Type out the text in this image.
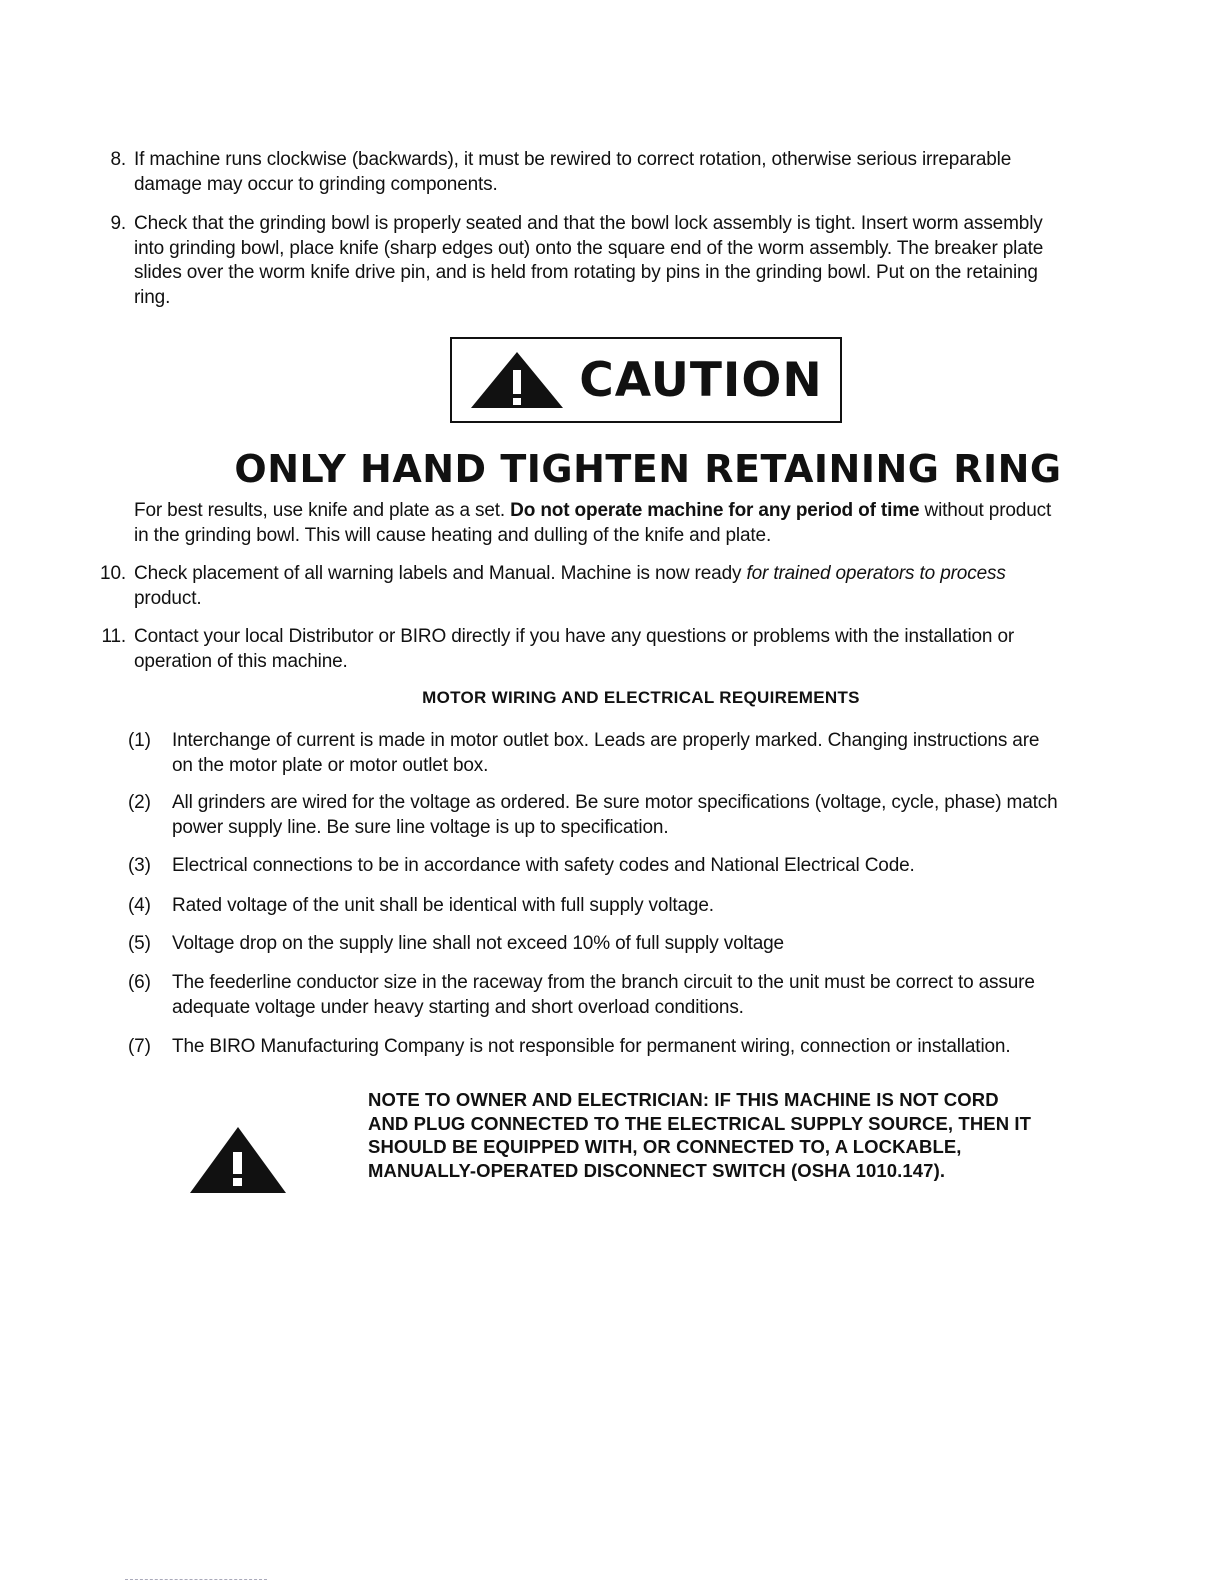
8. If machine runs clockwise (backwards), it must be rewired to correct rotation, otherwise serious irreparable

damage may occur to grinding components.

9. Check that the grinding bowl is properly seated and that the bowl lock assembly is tight. Insert worm assembly

into grinding bowl, place knife (sharp edges out) onto the square end of the worm assembly. The breaker plate

slides over the worm knife drive pin, and is held from rotating by pins in the grinding bowl. Put on the retaining

ring.

CAUTION
ONLY HAND TIGHTEN RETAINING RING

For best results, use knife and plate as a set. Do not operate machine for any period of time without product

in the grinding bowl. This will cause heating and dulling of the knife and plate.

10. Check placement of all warning labels and Manual. Machine is now ready for trained operators to process

product.

11. Contact your local Distributor or BIRO directly if you have any questions or problems with the installation or

operation of this machine.

MOTOR WIRING AND ELECTRICAL REQUIREMENTS
(1) Interchange of current is made in motor outlet box. Leads are properly marked. Changing instructions are

on the motor plate or motor outlet box.

(2) All grinders are wired for the voltage as ordered. Be sure motor specifications (voltage, cycle, phase) match

power supply line. Be sure line voltage is up to specification.

(3) Electrical connections to be in accordance with safety codes and National Electrical Code.

(4) Rated voltage of the unit shall be identical with full supply voltage.

(5) Voltage drop on the supply line shall not exceed 10% of full supply voltage

(6) The feederline conductor size in the raceway from the branch circuit to the unit must be correct to assure

adequate voltage under heavy starting and short overload conditions.

(7) The BIRO Manufacturing Company is not responsible for permanent wiring, connection or installation.

NOTE TO OWNER AND ELECTRICIAN: IF THIS MACHINE IS NOT CORD

AND PLUG CONNECTED TO THE ELECTRICAL SUPPLY SOURCE, THEN IT

SHOULD BE EQUIPPED WITH, OR CONNECTED TO, A LOCKABLE,

MANUALLY-OPERATED DISCONNECT SWITCH (OSHA 1010.147).
